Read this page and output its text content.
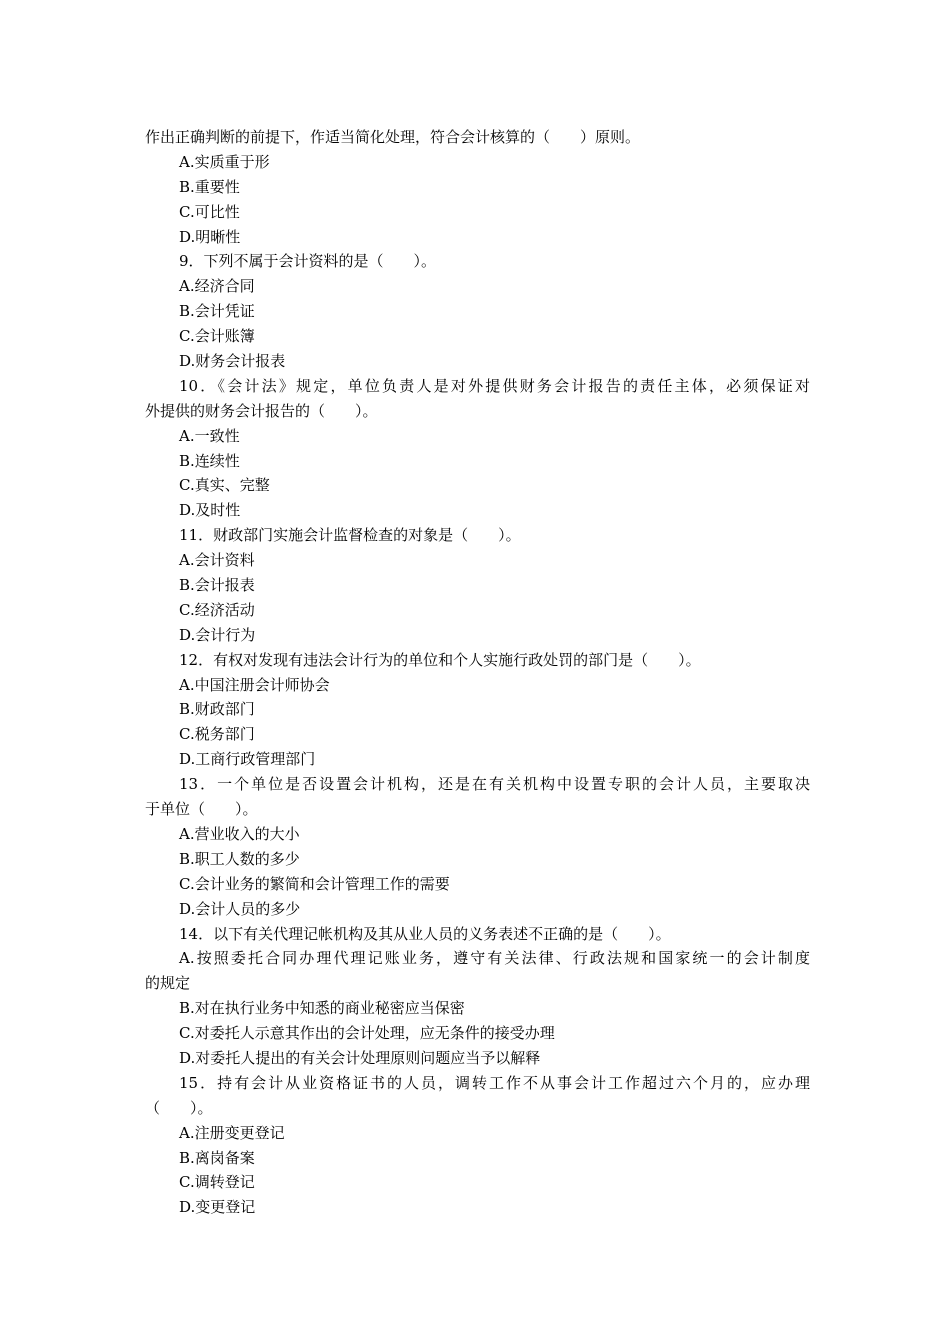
作出正确判断的前提下，作适当简化处理，符合会计核算的（　　）原则。
A.实质重于形
B.重要性
C.可比性
D.明晰性
9．下列不属于会计资料的是（　　）。
A.经济合同
B.会计凭证
C.会计账簿
D.财务会计报表
10．《会计法》规定，单位负责人是对外提供财务会计报告的责任主体，必须保证对
外提供的财务会计报告的（　　）。
A.一致性
B.连续性
C.真实、完整
D.及时性
11．财政部门实施会计监督检查的对象是（　　）。
A.会计资料
B.会计报表
C.经济活动
D.会计行为
12．有权对发现有违法会计行为的单位和个人实施行政处罚的部门是（　　）。
A.中国注册会计师协会
B.财政部门
C.税务部门
D.工商行政管理部门
13．一个单位是否设置会计机构，还是在有关机构中设置专职的会计人员，主要取决
于单位（　　）。
A.营业收入的大小
B.职工人数的多少
C.会计业务的繁简和会计管理工作的需要
D.会计人员的多少
14．以下有关代理记帐机构及其从业人员的义务表述不正确的是（　　）。
A.按照委托合同办理代理记账业务，遵守有关法律、行政法规和国家统一的会计制度
的规定
B.对在执行业务中知悉的商业秘密应当保密
C.对委托人示意其作出的会计处理，应无条件的接受办理
D.对委托人提出的有关会计处理原则问题应当予以解释
15．持有会计从业资格证书的人员，调转工作不从事会计工作超过六个月的，应办理
（　　）。
A.注册变更登记
B.离岗备案
C.调转登记
D.变更登记
